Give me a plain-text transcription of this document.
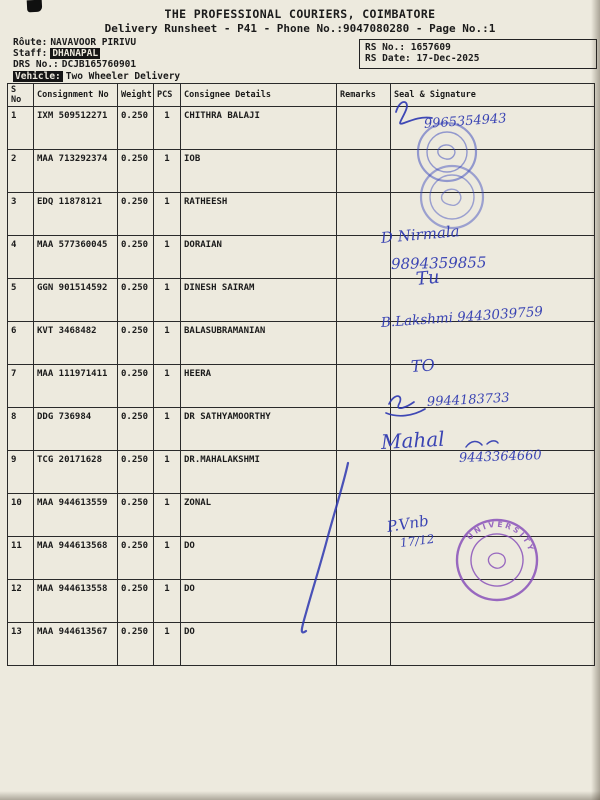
THE PROFESSIONAL COURIERS, COIMBATORE
Delivery Runsheet - P41 - Phone No.:9047080280 - Page No.:1
Rôute: NAVAVOOR PIRIVU
Staff: DHANAPAL
DRS No.: DCJB165760901
Vehicle: Two Wheeler Delivery
RS No.: 1657609
RS Date: 17-Dec-2025
S No	Consignment No	Weight	PCS	Consignee Details	Remarks	Seal & Signature
1	IXM 509512271	0.250	1	CHITHRA BALAJI		
2	MAA 713292374	0.250	1	IOB		
3	EDQ 11878121	0.250	1	RATHEESH		
4	MAA 577360045	0.250	1	DORAIAN		
5	GGN 901514592	0.250	1	DINESH SAIRAM		
6	KVT 3468482	0.250	1	BALASUBRAMANIAN		
7	MAA 111971411	0.250	1	HEERA		
8	DDG 736984	0.250	1	DR SATHYAMOORTHY		
9	TCG 20171628	0.250	1	DR.MAHALAKSHMI		
10	MAA 944613559	0.250	1	ZONAL		
11	MAA 944613568	0.250	1	DO		
12	MAA 944613558	0.250	1	DO		
13	MAA 944613567	0.250	1	DO		
UNIVERSITY
9965354943
D Nirmala
9894359855
Tu
B.Lakshmi 9443039759
TO
9944183733
Mahal
9443364660
P.Vnb
17/12
